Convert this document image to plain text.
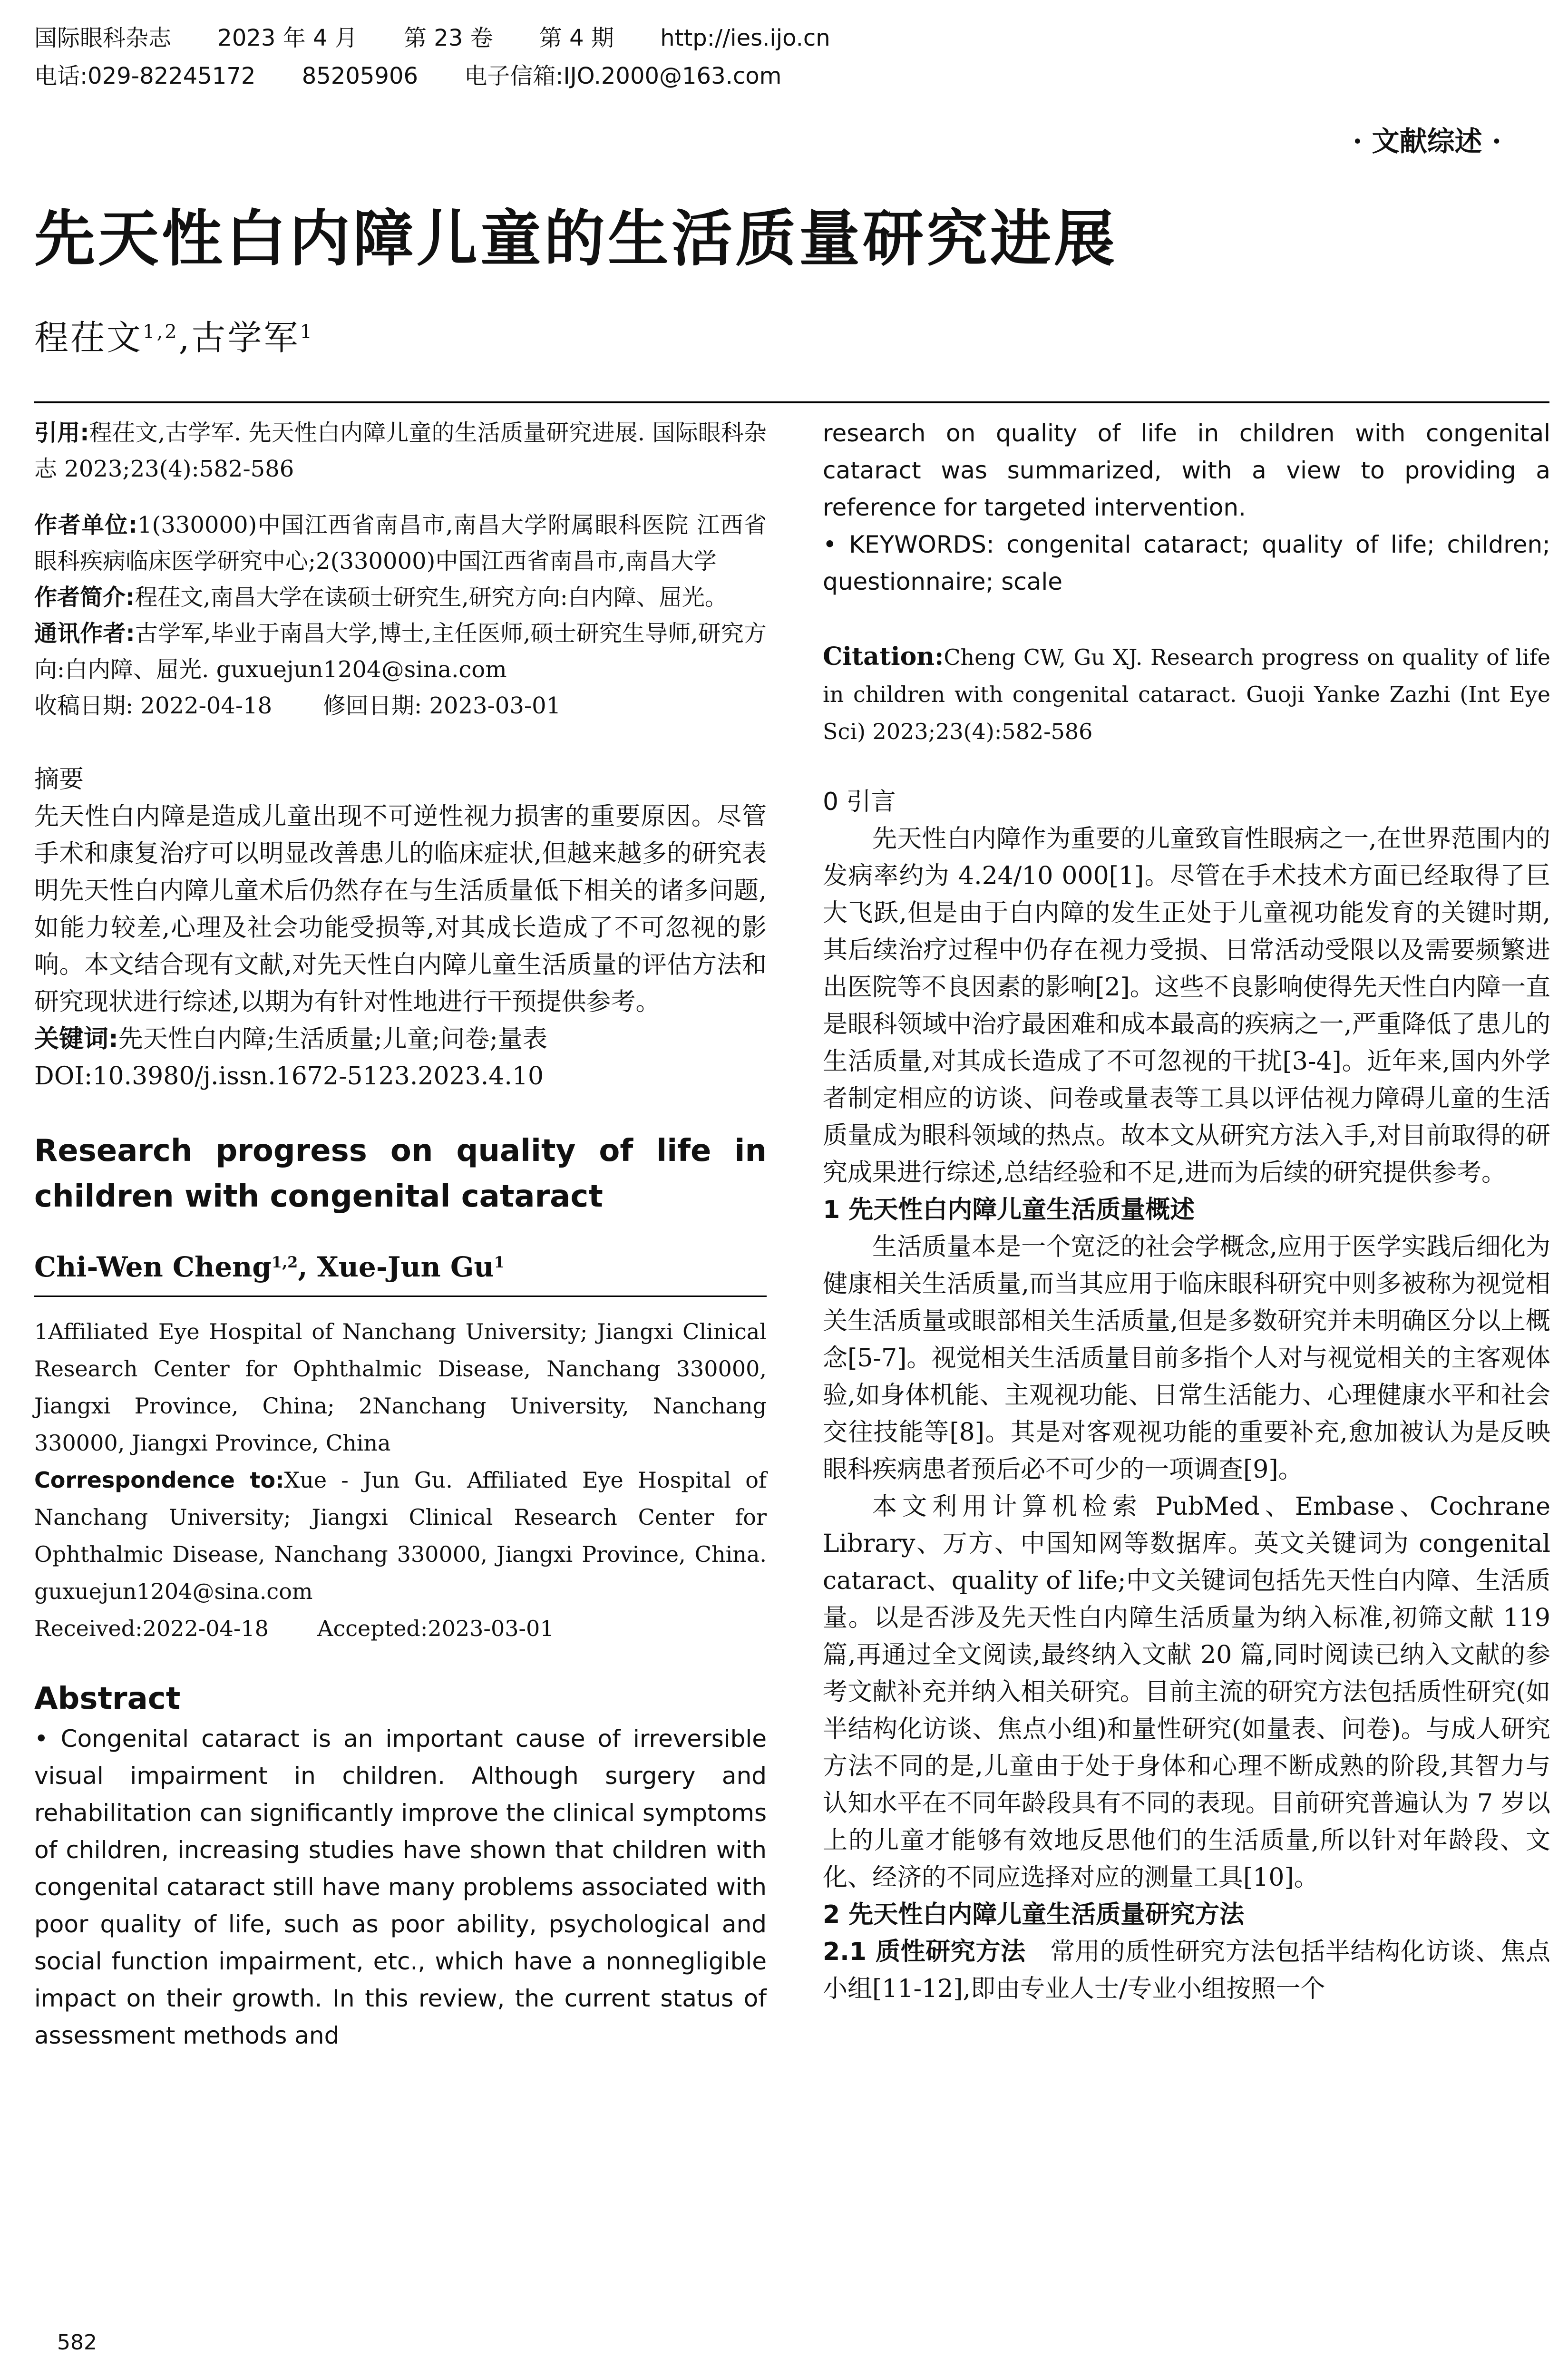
国际眼科杂志 2023 年 4 月 第 23 卷 第 4 期 http://ies.ijo.cn
电话:029-82245172 85205906 电子信箱:IJO.2000@163.com
· 文献综述 ·
先天性白内障儿童的生活质量研究进展
程茌文$^{1,2}$,古学军$^1$

引用:程茌文,古学军. 先天性白内障儿童的生活质量研究进展. 国际眼科杂志 2023;23(4):582-586

作者单位:1(330000)中国江西省南昌市,南昌大学附属眼科医院 江西省眼科疾病临床医学研究中心;2(330000)中国江西省南昌市,南昌大学

作者简介:程茌文,南昌大学在读硕士研究生,研究方向:白内障、屈光。

通讯作者:古学军,毕业于南昌大学,博士,主任医师,硕士研究生导师,研究方向:白内障、屈光. guxuejun1204@sina.com

收稿日期: 2022-04-18 修回日期: 2023-03-01

摘要

先天性白内障是造成儿童出现不可逆性视力损害的重要原因。尽管手术和康复治疗可以明显改善患儿的临床症状,但越来越多的研究表明先天性白内障儿童术后仍然存在与生活质量低下相关的诸多问题,如能力较差,心理及社会功能受损等,对其成长造成了不可忽视的影响。本文结合现有文献,对先天性白内障儿童生活质量的评估方法和研究现状进行综述,以期为有针对性地进行干预提供参考。

关键词:先天性白内障;生活质量;儿童;问卷;量表

DOI:10.3980/j.issn.1672-5123.2023.4.10

Research progress on quality of life in children with congenital cataract

Chi-Wen Cheng$^{1,2}$, Xue-Jun Gu$^1$

1Affiliated Eye Hospital of Nanchang University; Jiangxi Clinical Research Center for Ophthalmic Disease, Nanchang 330000, Jiangxi Province, China; 2Nanchang University, Nanchang 330000, Jiangxi Province, China

Correspondence to:Xue - Jun Gu. Affiliated Eye Hospital of Nanchang University; Jiangxi Clinical Research Center for Ophthalmic Disease, Nanchang 330000, Jiangxi Province, China. guxuejun1204@sina.com

Received:2022-04-18 Accepted:2023-03-01

Abstract

• Congenital cataract is an important cause of irreversible visual impairment in children. Although surgery and rehabilitation can significantly improve the clinical symptoms of children, increasing studies have shown that children with congenital cataract still have many problems associated with poor quality of life, such as poor ability, psychological and social function impairment, etc., which have a nonnegligible impact on their growth. In this review, the current status of assessment methods and

research on quality of life in children with congenital cataract was summarized, with a view to providing a reference for targeted intervention.

• KEYWORDS: congenital cataract; quality of life; children; questionnaire; scale

Citation:Cheng CW, Gu XJ. Research progress on quality of life in children with congenital cataract. Guoji Yanke Zazhi (Int Eye Sci) 2023;23(4):582-586

0 引言

先天性白内障作为重要的儿童致盲性眼病之一,在世界范围内的发病率约为 4.24/10 000[1]。尽管在手术技术方面已经取得了巨大飞跃,但是由于白内障的发生正处于儿童视功能发育的关键时期,其后续治疗过程中仍存在视力受损、日常活动受限以及需要频繁进出医院等不良因素的影响[2]。这些不良影响使得先天性白内障一直是眼科领域中治疗最困难和成本最高的疾病之一,严重降低了患儿的生活质量,对其成长造成了不可忽视的干扰[3-4]。近年来,国内外学者制定相应的访谈、问卷或量表等工具以评估视力障碍儿童的生活质量成为眼科领域的热点。故本文从研究方法入手,对目前取得的研究成果进行综述,总结经验和不足,进而为后续的研究提供参考。

1 先天性白内障儿童生活质量概述

生活质量本是一个宽泛的社会学概念,应用于医学实践后细化为健康相关生活质量,而当其应用于临床眼科研究中则多被称为视觉相关生活质量或眼部相关生活质量,但是多数研究并未明确区分以上概念[5-7]。视觉相关生活质量目前多指个人对与视觉相关的主客观体验,如身体机能、主观视功能、日常生活能力、心理健康水平和社会交往技能等[8]。其是对客观视功能的重要补充,愈加被认为是反映眼科疾病患者预后必不可少的一项调查[9]。

本文利用计算机检索 PubMed、Embase、Cochrane Library、万方、中国知网等数据库。英文关键词为 congenital cataract、quality of life;中文关键词包括先天性白内障、生活质量。以是否涉及先天性白内障生活质量为纳入标准,初筛文献 119 篇,再通过全文阅读,最终纳入文献 20 篇,同时阅读已纳入文献的参考文献补充并纳入相关研究。目前主流的研究方法包括质性研究(如半结构化访谈、焦点小组)和量性研究(如量表、问卷)。与成人研究方法不同的是,儿童由于处于身体和心理不断成熟的阶段,其智力与认知水平在不同年龄段具有不同的表现。目前研究普遍认为 7 岁以上的儿童才能够有效地反思他们的生活质量,所以针对年龄段、文化、经济的不同应选择对应的测量工具[10]。

2 先天性白内障儿童生活质量研究方法

2.1 质性研究方法 常用的质性研究方法包括半结构化访谈、焦点小组[11-12],即由专业人士/专业小组按照一个

582
